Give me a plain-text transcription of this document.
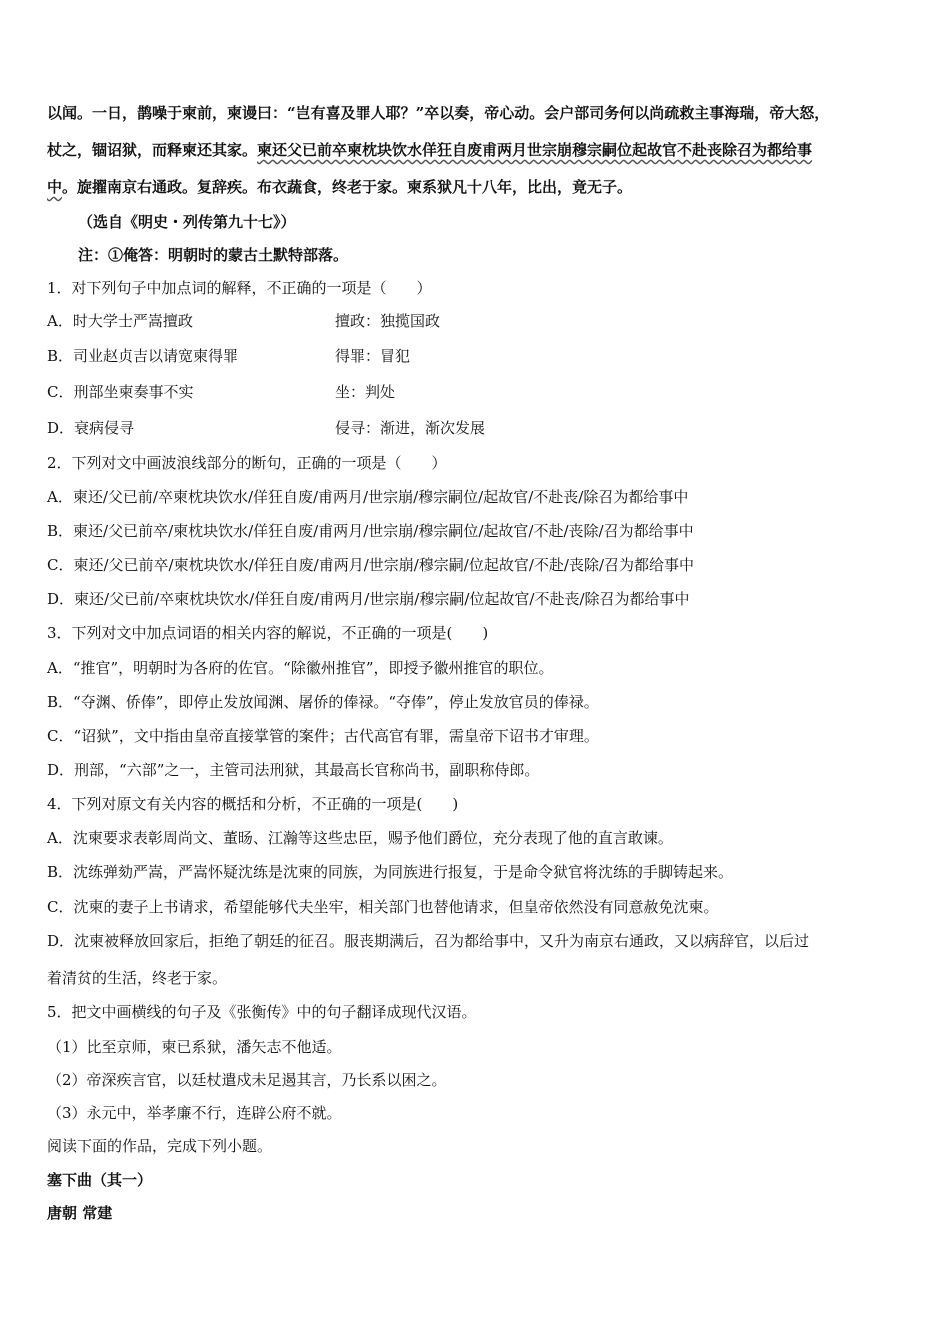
以闻。一日，鹊噪于柬前，柬谩曰：“岂有喜及罪人耶？”卒以奏，帝心动。会户部司务何以尚疏救主事海瑞，帝大怒，
杖之，锢诏狱，而释柬还其家。柬还父已前卒柬枕块饮水佯狂自废甫两月世宗崩穆宗嗣位起故官不赴丧除召为都给事
中。旋擢南京右通政。复辞疾。布衣蔬食，终老于家。柬系狱凡十八年，比出，竟无子。
（选自《明史・列传第九十七》）
注：①俺答：明朝时的蒙古土默特部落。
1．对下列句子中加点词的解释，不正确的一项是（　　）
A．时大学士严嵩擅政	擅政：独揽国政
B．司业赵贞吉以请宽柬得罪	得罪：冒犯
C．刑部坐柬奏事不实	坐：判处
D．衰病侵寻	侵寻：渐进，渐次发展
2．下列对文中画波浪线部分的断句，正确的一项是（　　）
A．柬还/父已前/卒柬枕块饮水/佯狂自废/甫两月/世宗崩/穆宗嗣位/起故官/不赴丧/除召为都给事中
B．柬还/父已前卒/柬枕块饮水/佯狂自废/甫两月/世宗崩/穆宗嗣位/起故官/不赴/丧除/召为都给事中
C．柬还/父已前卒/柬枕块饮水/佯狂自废/甫两月/世宗崩/穆宗嗣/位起故官/不赴/丧除/召为都给事中
D．柬还/父已前/卒柬枕块饮水/佯狂自废/甫两月/世宗崩/穆宗嗣/位起故官/不赴丧/除召为都给事中
3．下列对文中加点词语的相关内容的解说，不正确的一项是(　　)
A．“推官”，明朝时为各府的佐官。“除徽州推官”，即授予徽州推官的职位。
B．“夺渊、侨俸”，即停止发放闻渊、屠侨的俸禄。“夺俸”，停止发放官员的俸禄。
C．“诏狱”，文中指由皇帝直接掌管的案件；古代高官有罪，需皇帝下诏书才审理。
D．刑部，“六部”之一，主管司法刑狱，其最高长官称尚书，副职称侍郎。
4．下列对原文有关内容的概括和分析，不正确的一项是(　　)
A．沈柬要求表彰周尚文、董旸、江瀚等这些忠臣，赐予他们爵位，充分表现了他的直言敢谏。
B．沈练弹劾严嵩，严嵩怀疑沈练是沈柬的同族，为同族进行报复，于是命令狱官将沈练的手脚铸起来。
C．沈柬的妻子上书请求，希望能够代夫坐牢，相关部门也替他请求，但皇帝依然没有同意赦免沈柬。
D．沈柬被释放回家后，拒绝了朝廷的征召。服丧期满后，召为都给事中，又升为南京右通政，又以病辞官，以后过
着清贫的生活，终老于家。
5．把文中画横线的句子及《张衡传》中的句子翻译成现代汉语。
（1）比至京师，柬已系狱，潘矢志不他适。
（2）帝深疾言官，以廷杖遣戍未足遏其言，乃长系以困之。
（3）永元中，举孝廉不行，连辟公府不就。
阅读下面的作品，完成下列小题。
塞下曲（其一）
唐朝 常建
